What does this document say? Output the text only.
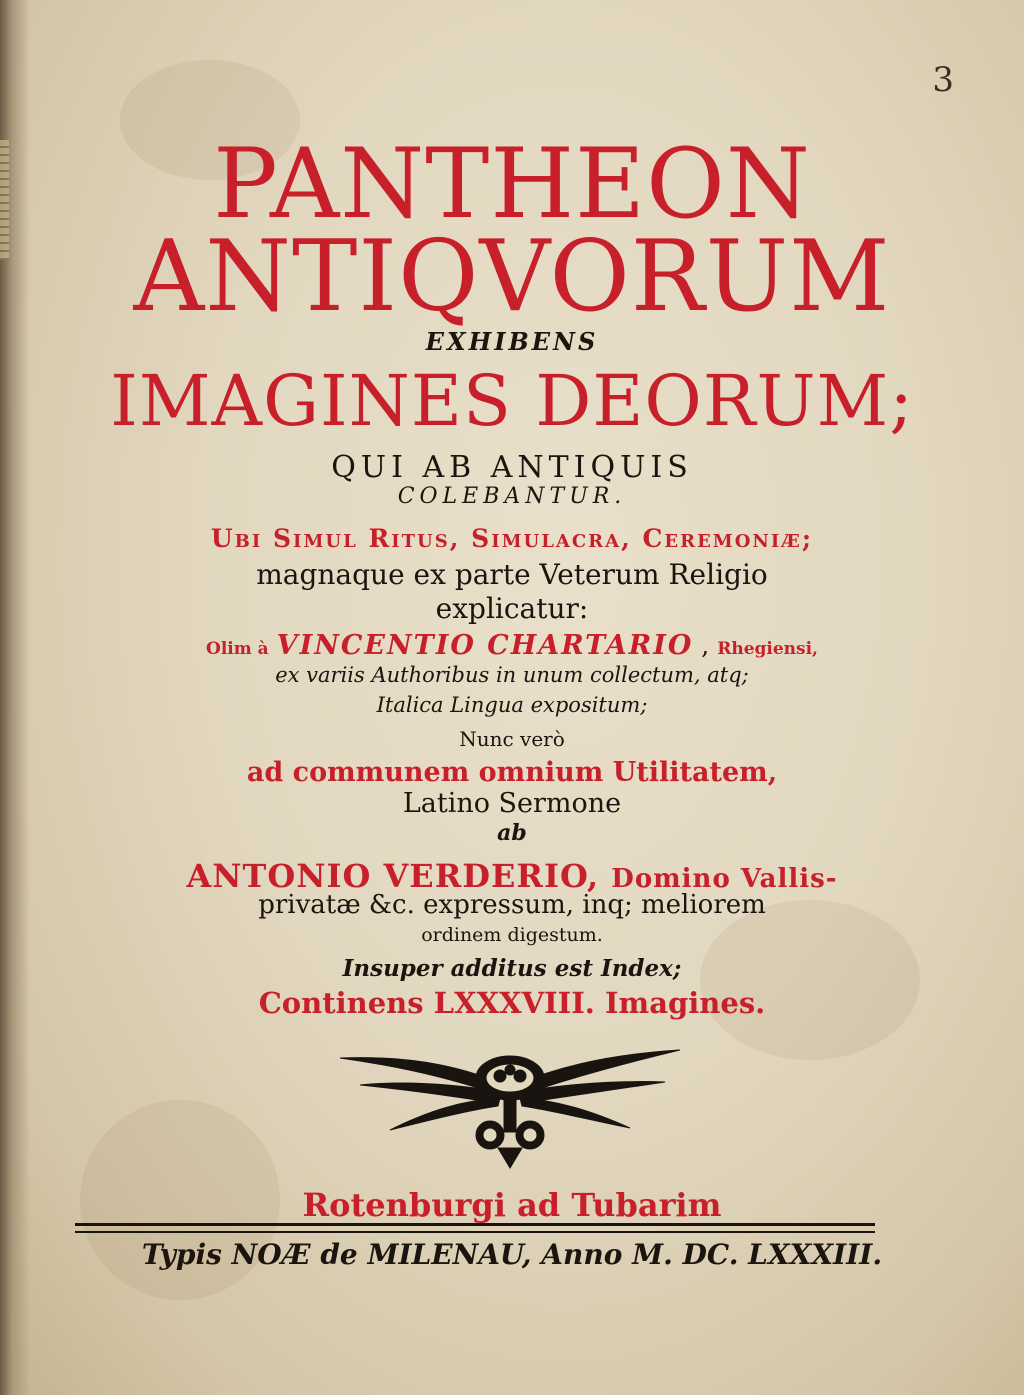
3

PANTHEON

ANTIQVORUM

EXHIBENS

IMAGINES DEORUM;

QUI AB ANTIQUIS

COLEBANTUR.

Ubi Simul Ritus, Simulacra, Ceremoniæ;

magnaque ex parte Veterum Religio

explicatur:

Olim à VINCENTIO CHARTARIO , Rhegiensi,

ex variis Authoribus in unum collectum, atq;

Italica Lingua expositum;

Nunc verò

ad communem omnium Utilitatem,

Latino Sermone

ab

ANTONIO VERDERIO, Domino Vallis-

privatæ &c. expressum, inq; meliorem

ordinem digestum.

Insuper additus est Index;

Continens LXXXVIII. Imagines.

Rotenburgi ad Tubarim

Typis NOÆ de MILENAU, Anno M. DC. LXXXIII.
